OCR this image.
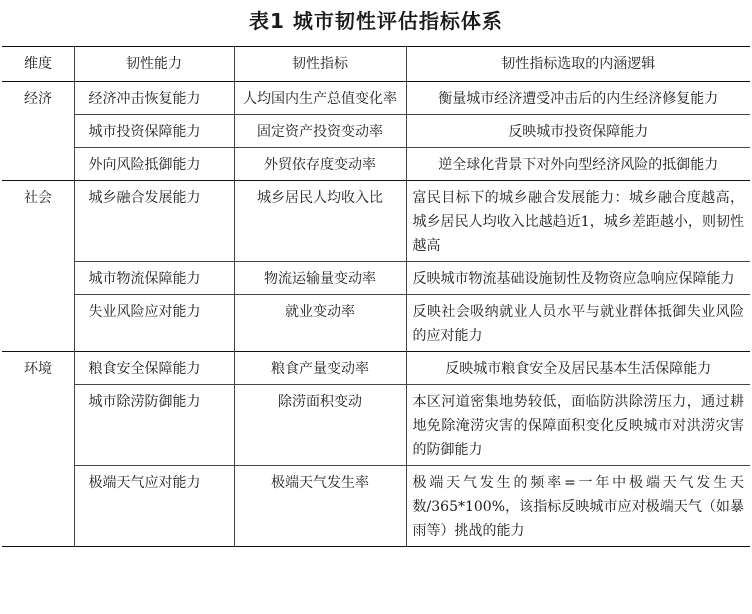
表1 城市韧性评估指标体系
维度	韧性能力	韧性指标	韧性指标选取的内涵逻辑
经济	经济冲击恢复能力	人均国内生产总值变化率	衡量城市经济遭受冲击后的内生经济修复能力
	城市投资保障能力	固定资产投资变动率	反映城市投资保障能力
	外向风险抵御能力	外贸依存度变动率	逆全球化背景下对外向型经济风险的抵御能力
社会	城乡融合发展能力	城乡居民人均收入比	富民目标下的城乡融合发展能力：城乡融合度越高，城乡居民人均收入比越趋近1，城乡差距越小，则韧性越高
	城市物流保障能力	物流运输量变动率	反映城市物流基础设施韧性及物资应急响应保障能力
	失业风险应对能力	就业变动率	反映社会吸纳就业人员水平与就业群体抵御失业风险的应对能力
环境	粮食安全保障能力	粮食产量变动率	反映城市粮食安全及居民基本生活保障能力
	城市除涝防御能力	除涝面积变动	本区河道密集地势较低，面临防洪除涝压力，通过耕地免除淹涝灾害的保障面积变化反映城市对洪涝灾害的防御能力
	极端天气应对能力	极端天气发生率	极端天气发生的频率=一年中极端天气发生天数/365*100%，该指标反映城市应对极端天气（如暴雨等）挑战的能力
